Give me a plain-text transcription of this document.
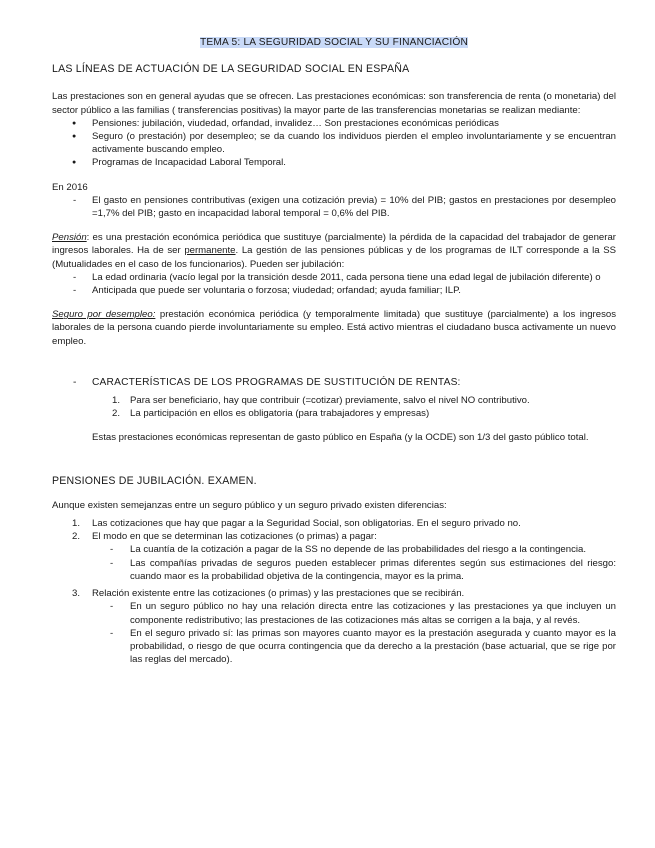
TEMA 5: LA SEGURIDAD SOCIAL Y SU FINANCIACIÓN
LAS LÍNEAS DE ACTUACIÓN DE LA SEGURIDAD SOCIAL EN ESPAÑA

Las prestaciones son en general ayudas que se ofrecen. Las prestaciones económicas: son transferencia de renta (o monetaria) del sector público a las familias ( transferencias positivas) la mayor parte de las transferencias monetarias se realizan mediante:

● Pensiones: jubilación, viudedad, orfandad, invalidez… Son prestaciones económicas periódicas
● Seguro (o prestación) por desempleo; se da cuando los individuos pierden el empleo involuntariamente y se encuentran activamente buscando empleo.
● Programas de Incapacidad Laboral Temporal.

En 2016

- El gasto en pensiones contributivas (exigen una cotización previa) = 10% del PIB; gastos en prestaciones por desempleo =1,7% del PIB; gasto en incapacidad laboral temporal = 0,6% del PIB.

Pensión: es una prestación económica periódica que sustituye (parcialmente) la pérdida de la capacidad del trabajador de generar ingresos laborales. Ha de ser permanente. La gestión de las pensiones públicas y de los programas de ILT corresponde a la SS (Mutualidades en el caso de los funcionarios). Pueden ser jubilación:

- La edad ordinaria (vacío legal por la transición desde 2011, cada persona tiene una edad legal de jubilación diferente) o
- Anticipada que puede ser voluntaria o forzosa; viudedad; orfandad; ayuda familiar; ILP.

Seguro por desempleo: prestación económica periódica (y temporalmente limitada) que sustituye (parcialmente) a los ingresos laborales de la persona cuando pierde involuntariamente su empleo. Está activo mientras el ciudadano busca activamente un nuevo empleo.

- CARACTERÍSTICAS DE LOS PROGRAMAS DE SUSTITUCIÓN DE RENTAS:
1. Para ser beneficiario, hay que contribuir (=cotizar) previamente, salvo el nivel NO contributivo.
2. La participación en ellos es obligatoria (para trabajadores y empresas)

Estas prestaciones económicas representan de gasto público en España (y la OCDE) son 1/3 del gasto público total.

PENSIONES DE JUBILACIÓN. EXAMEN.

Aunque existen semejanzas entre un seguro público y un seguro privado existen diferencias:

1. Las cotizaciones que hay que pagar a la Seguridad Social, son obligatorias. En el seguro privado no.
2. El modo en que se determinan las cotizaciones (o primas) a pagar:
- La cuantía de la cotización a pagar de la SS no depende de las probabilidades del riesgo a la contingencia.
- Las compañías privadas de seguros pueden establecer primas diferentes según sus estimaciones del riesgo: cuando maor es la probabilidad objetiva de la contingencia, mayor es la prima.
3. Relación existente entre las cotizaciones (o primas) y las prestaciones que se recibirán.
- En un seguro público no hay una relación directa entre las cotizaciones y las prestaciones ya que incluyen un componente redistributivo; las prestaciones de las cotizaciones más altas se corrigen a la baja, y al revés.
- En el seguro privado sí: las primas son mayores cuanto mayor es la prestación asegurada y cuanto mayor es la probabilidad, o riesgo de que ocurra contingencia que da derecho a la prestación (base actuarial, que se rige por las reglas del mercado).
